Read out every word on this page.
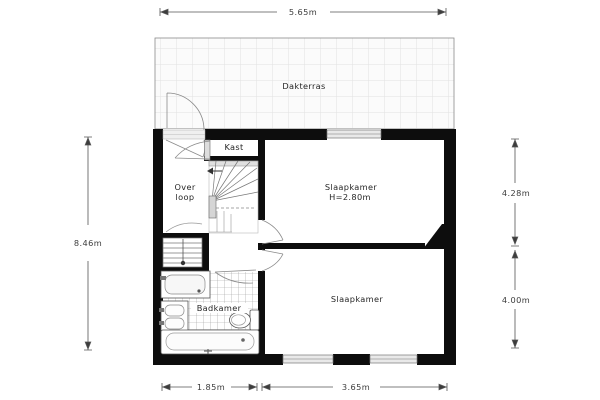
Dakterras
Kast
Over
loop
Slaapkamer
H=2.80m
Slaapkamer
Badkamer
5.65m
8.46m
4.28m
4.00m
1.85m	3.65m
